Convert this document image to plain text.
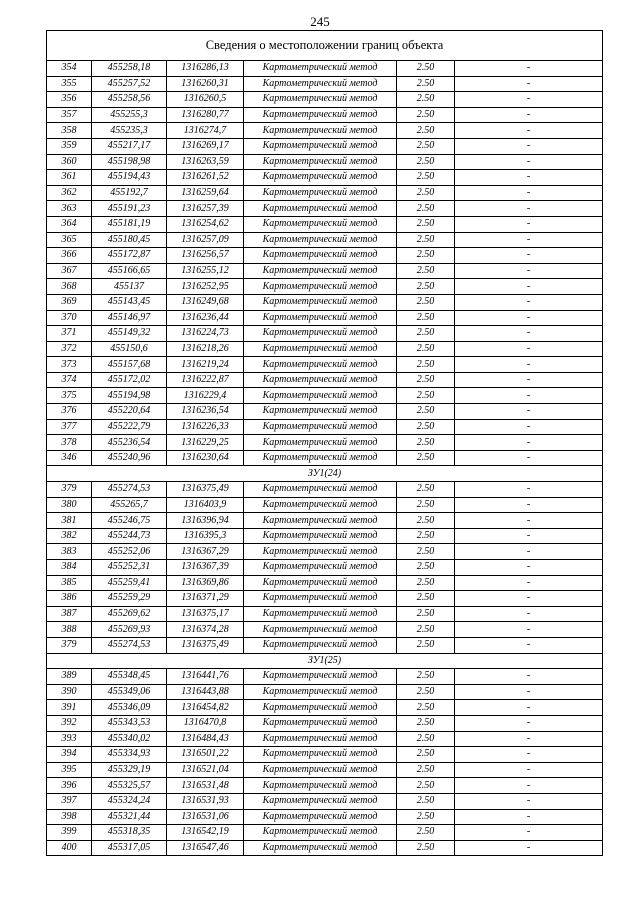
245
Сведения о местоположении границ объекта					
354	455258,18	1316286,13	Картометрический метод	2.50	-
355	455257,52	1316260,31	Картометрический метод	2.50	-
356	455258,56	1316260,5	Картометрический метод	2.50	-
357	455255,3	1316280,77	Картометрический метод	2.50	-
358	455235,3	1316274,7	Картометрический метод	2.50	-
359	455217,17	1316269,17	Картометрический метод	2.50	-
360	455198,98	1316263,59	Картометрический метод	2.50	-
361	455194,43	1316261,52	Картометрический метод	2.50	-
362	455192,7	1316259,64	Картометрический метод	2.50	-
363	455191,23	1316257,39	Картометрический метод	2.50	-
364	455181,19	1316254,62	Картометрический метод	2.50	-
365	455180,45	1316257,09	Картометрический метод	2.50	-
366	455172,87	1316256,57	Картометрический метод	2.50	-
367	455166,65	1316255,12	Картометрический метод	2.50	-
368	455137	1316252,95	Картометрический метод	2.50	-
369	455143,45	1316249,68	Картометрический метод	2.50	-
370	455146,97	1316236,44	Картометрический метод	2.50	-
371	455149,32	1316224,73	Картометрический метод	2.50	-
372	455150,6	1316218,26	Картометрический метод	2.50	-
373	455157,68	1316219,24	Картометрический метод	2.50	-
374	455172,02	1316222,87	Картометрический метод	2.50	-
375	455194,98	1316229,4	Картометрический метод	2.50	-
376	455220,64	1316236,54	Картометрический метод	2.50	-
377	455222,79	1316226,33	Картометрический метод	2.50	-
378	455236,54	1316229,25	Картометрический метод	2.50	-
346	455240,96	1316230,64	Картометрический метод	2.50	-
ЗУ1(24)					
379	455274,53	1316375,49	Картометрический метод	2.50	-
380	455265,7	1316403,9	Картометрический метод	2.50	-
381	455246,75	1316396,94	Картометрический метод	2.50	-
382	455244,73	1316395,3	Картометрический метод	2.50	-
383	455252,06	1316367,29	Картометрический метод	2.50	-
384	455252,31	1316367,39	Картометрический метод	2.50	-
385	455259,41	1316369,86	Картометрический метод	2.50	-
386	455259,29	1316371,29	Картометрический метод	2.50	-
387	455269,62	1316375,17	Картометрический метод	2.50	-
388	455269,93	1316374,28	Картометрический метод	2.50	-
379	455274,53	1316375,49	Картометрический метод	2.50	-
ЗУ1(25)					
389	455348,45	1316441,76	Картометрический метод	2.50	-
390	455349,06	1316443,88	Картометрический метод	2.50	-
391	455346,09	1316454,82	Картометрический метод	2.50	-
392	455343,53	1316470,8	Картометрический метод	2.50	-
393	455340,02	1316484,43	Картометрический метод	2.50	-
394	455334,93	1316501,22	Картометрический метод	2.50	-
395	455329,19	1316521,04	Картометрический метод	2.50	-
396	455325,57	1316531,48	Картометрический метод	2.50	-
397	455324,24	1316531,93	Картометрический метод	2.50	-
398	455321,44	1316531,06	Картометрический метод	2.50	-
399	455318,35	1316542,19	Картометрический метод	2.50	-
400	455317,05	1316547,46	Картометрический метод	2.50	-
